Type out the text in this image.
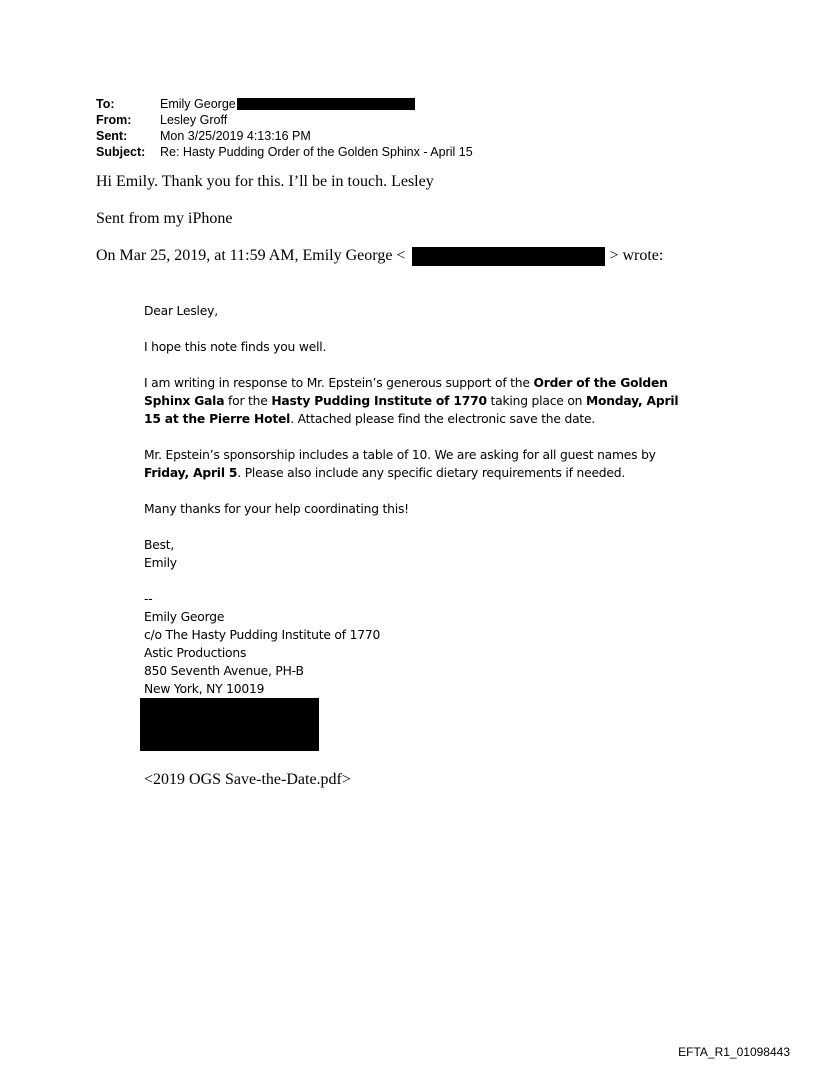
To:	Emily George
From:	Lesley Groff
Sent:	Mon 3/25/2019 4:13:16 PM
Subject:	Re: Hasty Pudding Order of the Golden Sphinx - April 15
Hi Emily. Thank you for this. I’ll be in touch. Lesley
Sent from my iPhone
On Mar 25, 2019, at 11:59 AM, Emily George <	> wrote:

Dear Lesley,

I hope this note finds you well.

I am writing in response to Mr. Epstein’s generous support of the Order of the Golden Sphinx Gala for the Hasty Pudding Institute of 1770 taking place on Monday, April 15 at the Pierre Hotel. Attached please find the electronic save the date.

Mr. Epstein’s sponsorship includes a table of 10. We are asking for all guest names by Friday, April 5. Please also include any specific dietary requirements if needed.

Many thanks for your help coordinating this!

Best,

Emily

--

Emily George

c/o The Hasty Pudding Institute of 1770

Astic Productions

850 Seventh Avenue, PH-B

New York, NY 10019

<2019 OGS Save-the-Date.pdf>
EFTA_R1_01098443
